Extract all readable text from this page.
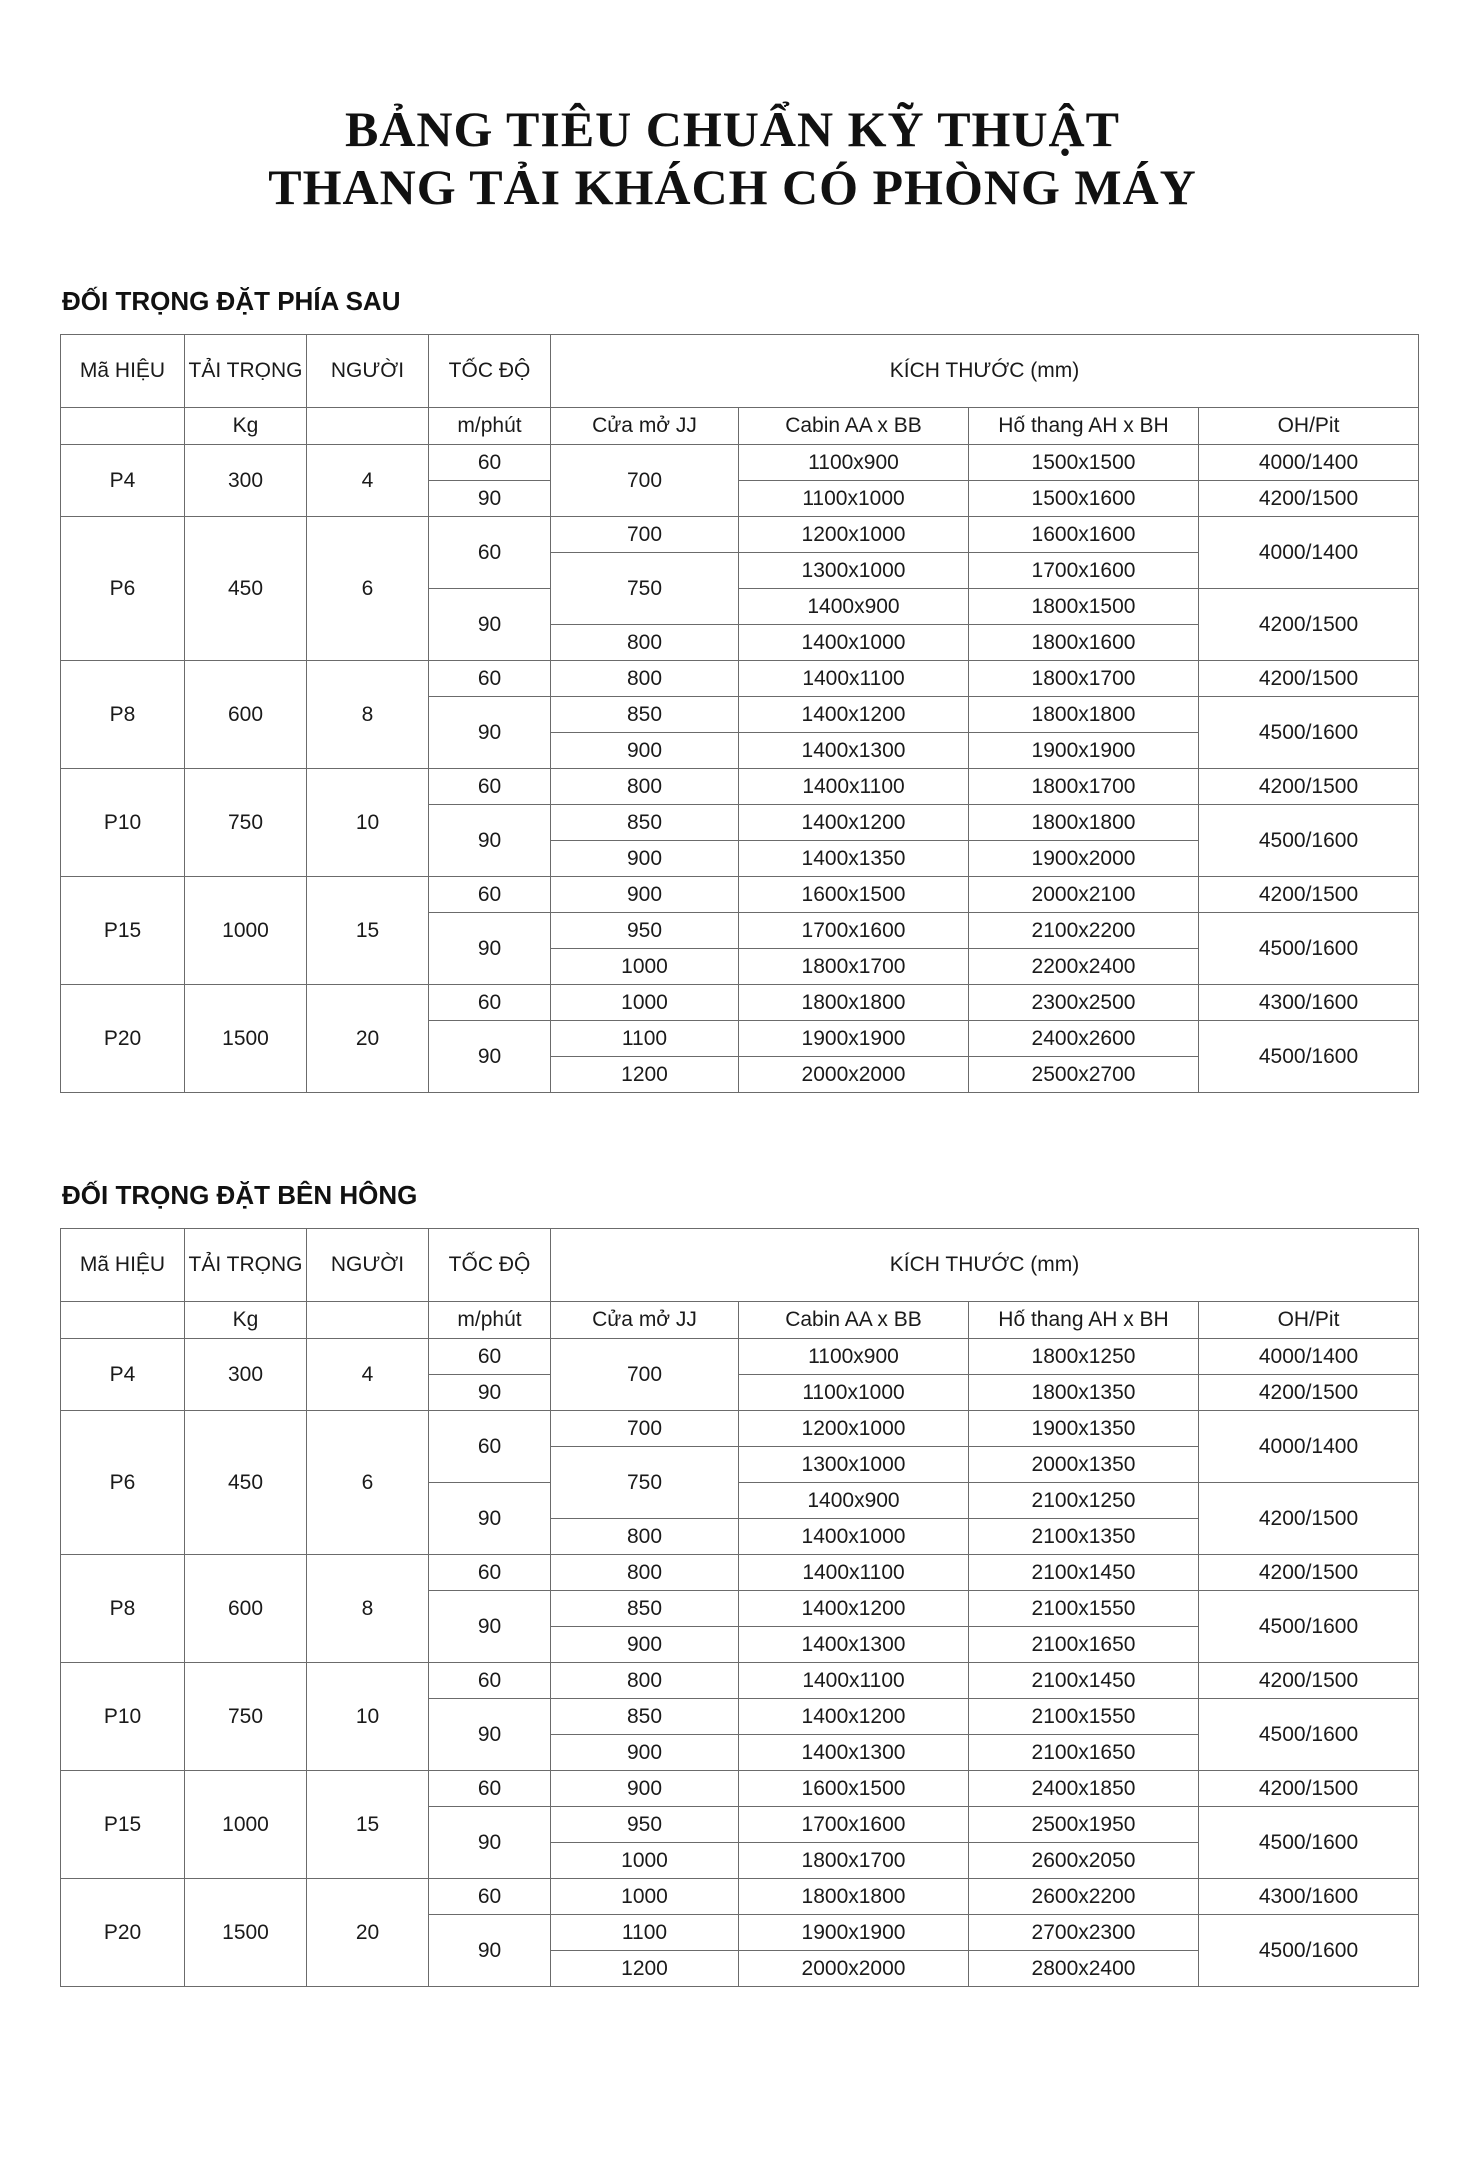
BẢNG TIÊU CHUẨN KỸ THUẬT
THANG TẢI KHÁCH CÓ PHÒNG MÁY
ĐỐI TRỌNG ĐẶT PHÍA SAU
Mã HIỆU	TẢI TRỌNG	NGƯỜI	TỐC ĐỘ	KÍCH THƯỚC (mm)			
	Kg		m/phút	Cửa mở JJ	Cabin AA x BB	Hố thang AH x BH	OH/Pit
P4	300	4	60	700	1100x900	1500x1500	4000/1400
			90		1100x1000	1500x1600	4200/1500
P6	450	6	60	700	1200x1000	1600x1600	4000/1400
				750	1300x1000	1700x1600	
			90		1400x900	1800x1500	4200/1500
				800	1400x1000	1800x1600	
P8	600	8	60	800	1400x1100	1800x1700	4200/1500
			90	850	1400x1200	1800x1800	4500/1600
				900	1400x1300	1900x1900	
P10	750	10	60	800	1400x1100	1800x1700	4200/1500
			90	850	1400x1200	1800x1800	4500/1600
				900	1400x1350	1900x2000	
P15	1000	15	60	900	1600x1500	2000x2100	4200/1500
			90	950	1700x1600	2100x2200	4500/1600
				1000	1800x1700	2200x2400	
P20	1500	20	60	1000	1800x1800	2300x2500	4300/1600
			90	1100	1900x1900	2400x2600	4500/1600
				1200	2000x2000	2500x2700	
ĐỐI TRỌNG ĐẶT BÊN HÔNG
Mã HIỆU	TẢI TRỌNG	NGƯỜI	TỐC ĐỘ	KÍCH THƯỚC (mm)			
	Kg		m/phút	Cửa mở JJ	Cabin AA x BB	Hố thang AH x BH	OH/Pit
P4	300	4	60	700	1100x900	1800x1250	4000/1400
			90		1100x1000	1800x1350	4200/1500
P6	450	6	60	700	1200x1000	1900x1350	4000/1400
				750	1300x1000	2000x1350	
			90		1400x900	2100x1250	4200/1500
				800	1400x1000	2100x1350	
P8	600	8	60	800	1400x1100	2100x1450	4200/1500
			90	850	1400x1200	2100x1550	4500/1600
				900	1400x1300	2100x1650	
P10	750	10	60	800	1400x1100	2100x1450	4200/1500
			90	850	1400x1200	2100x1550	4500/1600
				900	1400x1300	2100x1650	
P15	1000	15	60	900	1600x1500	2400x1850	4200/1500
			90	950	1700x1600	2500x1950	4500/1600
				1000	1800x1700	2600x2050	
P20	1500	20	60	1000	1800x1800	2600x2200	4300/1600
			90	1100	1900x1900	2700x2300	4500/1600
				1200	2000x2000	2800x2400	
